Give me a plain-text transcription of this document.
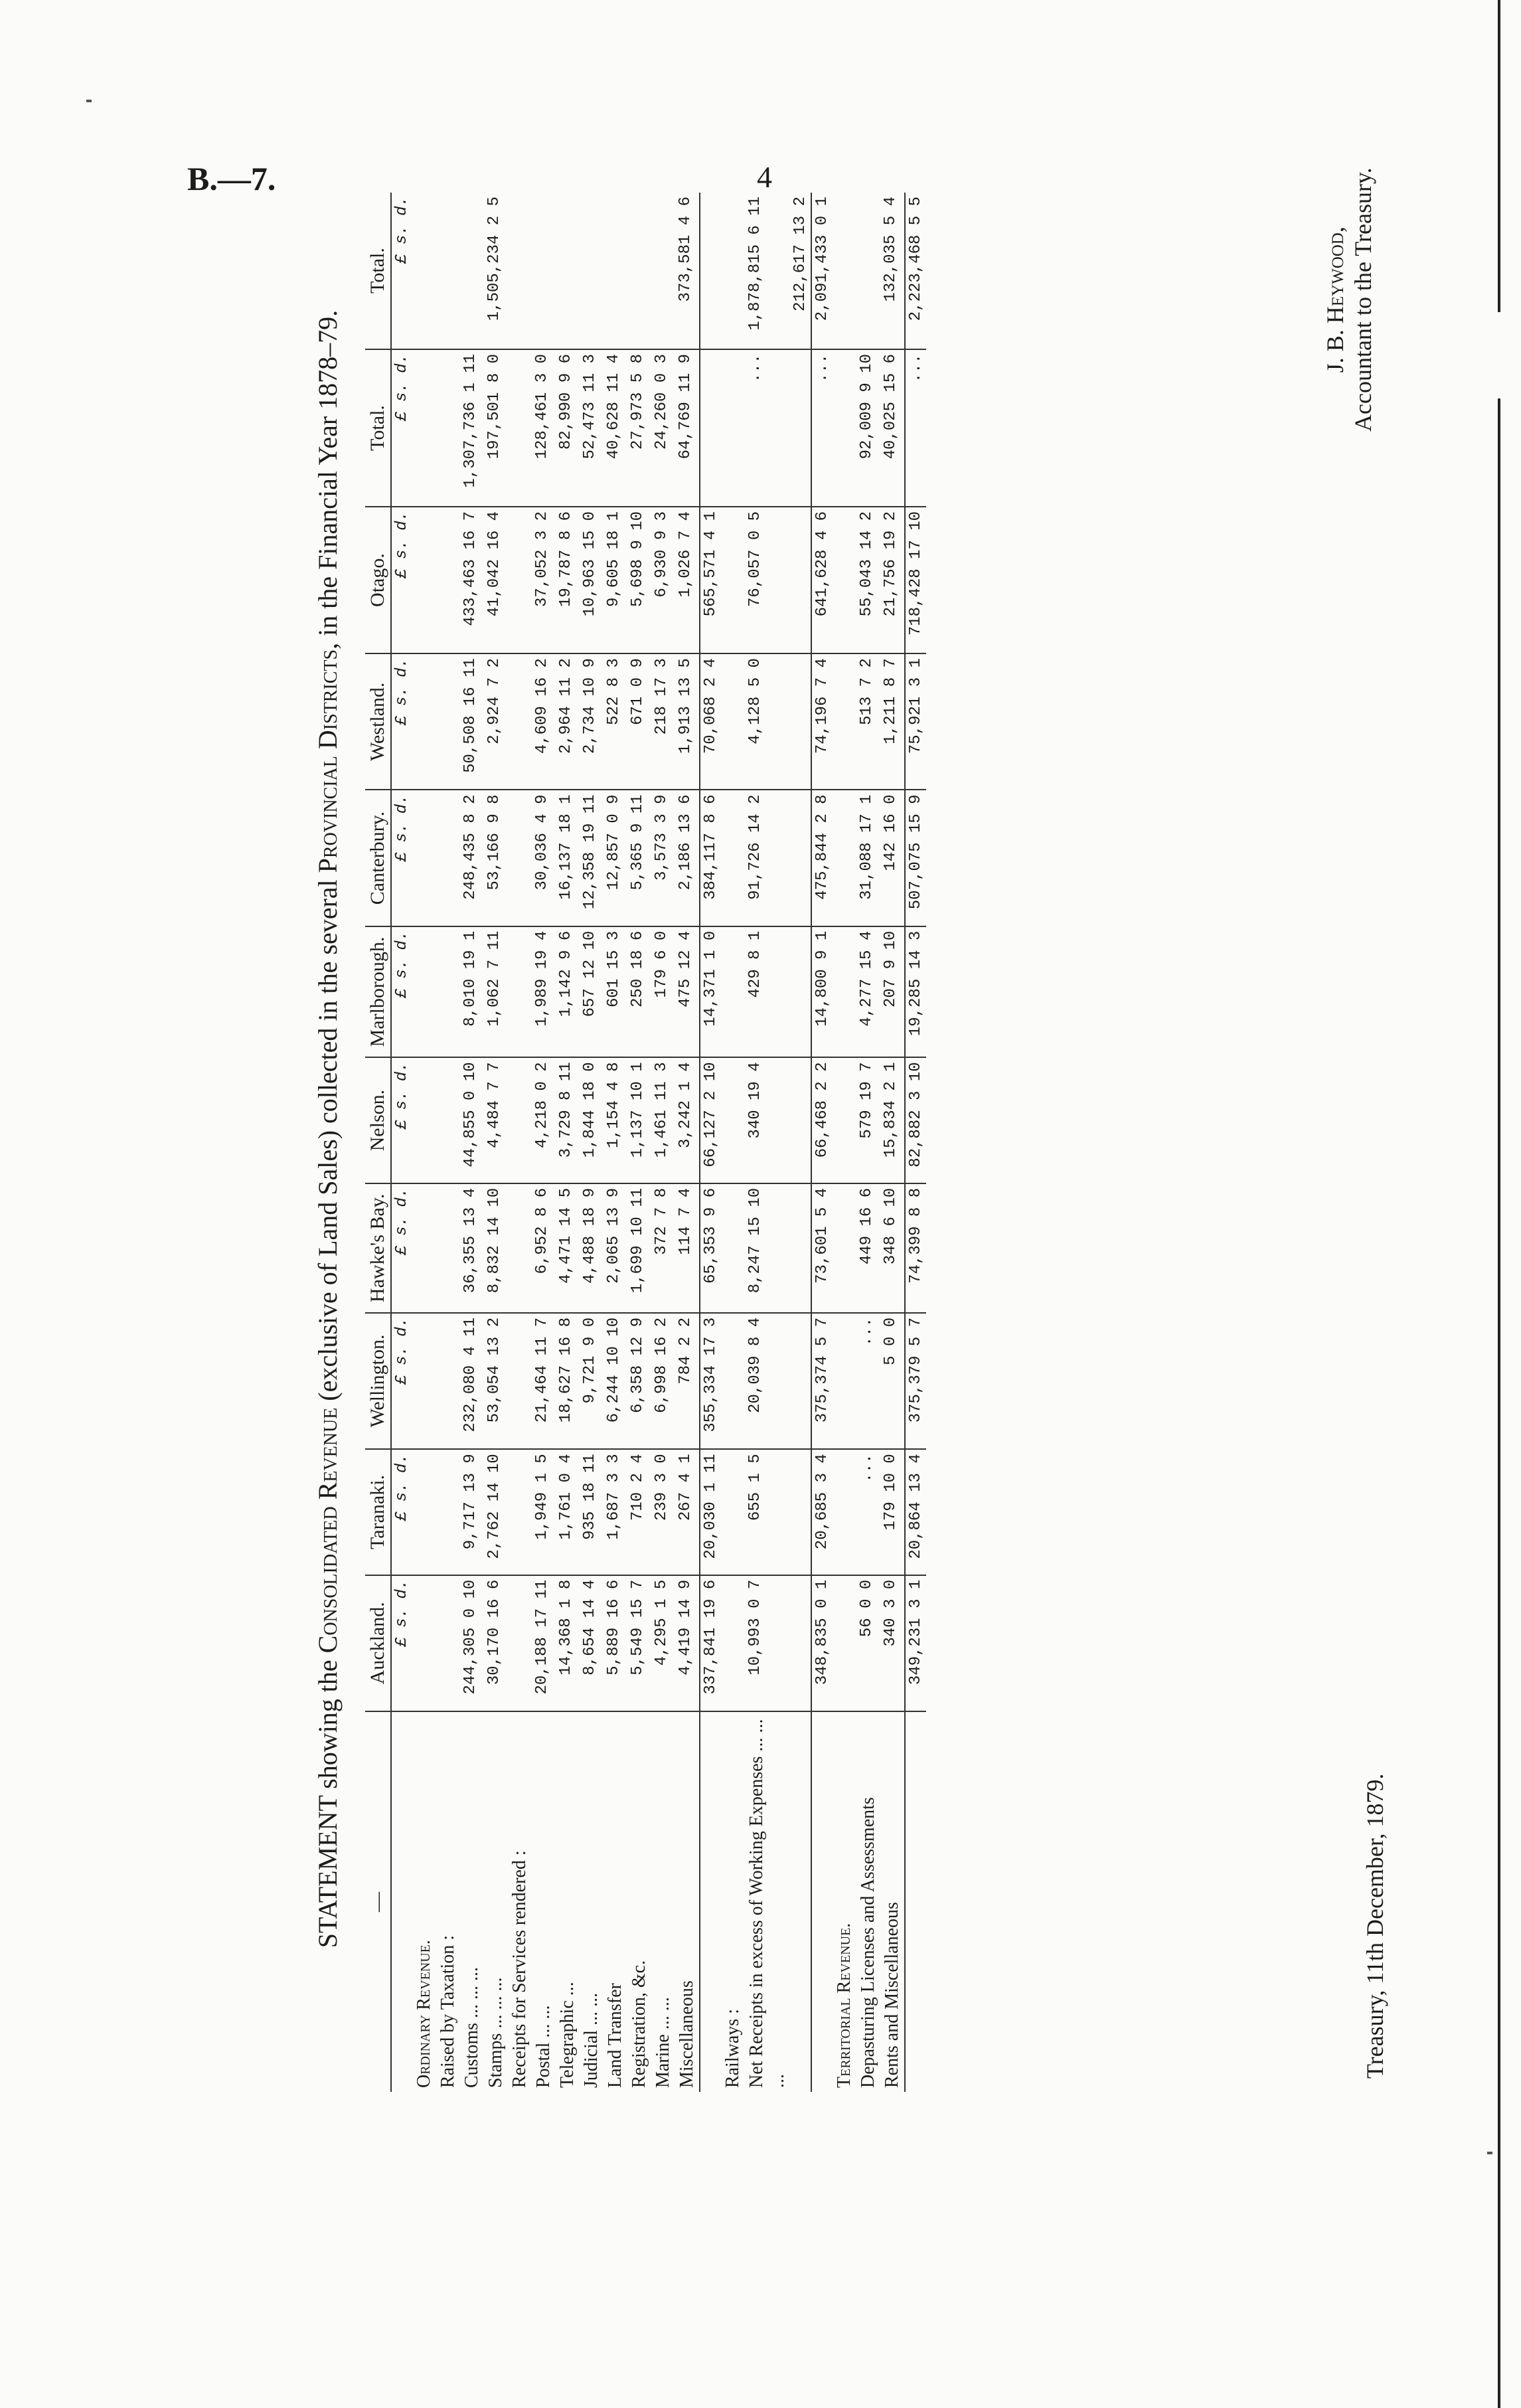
B.—7.	4
STATEMENT showing the Consolidated Revenue (exclusive of Land Sales) collected in the several Provincial Districts, in the Financial Year 1878–79.
—	Auckland.	Taranaki.	Wellington.	Hawke's Bay.	Nelson.	Marlborough.	Canterbury.	Westland.	Otago.	Total.	Total.
	£ s. d.	£ s. d.	£ s. d.	£ s. d.	£ s. d.	£ s. d.	£ s. d.	£ s. d.	£ s. d.	£ s. d.	£ s. d.
Ordinary Revenue.											
Raised by Taxation :											
Customs ... ... ...	244,305 0 10	9,717 13 9	232,080 4 11	36,355 13 4	44,855 0 10	8,010 19 1	248,435 8 2	50,508 16 11	433,463 16 7	1,307,736 1 11	
Stamps ... ... ...	30,170 16 6	2,762 14 10	53,054 13 2	8,832 14 10	4,484 7 7	1,062 7 11	53,166 9 8	2,924 7 2	41,042 16 4	197,501 8 0	1,505,234 2 5
Receipts for Services rendered :											
Postal ... ...	20,188 17 11	1,949 1 5	21,464 11 7	6,952 8 6	4,218 0 2	1,989 19 4	30,036 4 9	4,609 16 2	37,052 3 2	128,461 3 0	
Telegraphic ...	14,368 1 8	1,761 0 4	18,627 16 8	4,471 14 5	3,729 8 11	1,142 9 6	16,137 18 1	2,964 11 2	19,787 8 6	82,990 9 6	
Judicial ... ...	8,654 14 4	935 18 11	9,721 9 0	4,488 18 9	1,844 18 0	657 12 10	12,358 19 11	2,734 10 9	10,963 15 0	52,473 11 3	
Land Transfer	5,889 16 6	1,687 3 3	6,244 10 10	2,065 13 9	1,154 4 8	601 15 3	12,857 0 9	522 8 3	9,605 18 1	40,628 11 4	
Registration, &c.	5,549 15 7	710 2 4	6,358 12 9	1,699 10 11	1,137 10 1	250 18 6	5,365 9 11	671 0 9	5,698 9 10	27,973 5 8	
Marine ... ...	4,295 1 5	239 3 0	6,998 16 2	372 7 8	1,461 11 3	179 6 0	3,573 3 9	218 17 3	6,930 9 3	24,260 0 3	
Miscellaneous	4,419 14 9	267 4 1	784 2 2	114 7 4	3,242 1 4	475 12 4	2,186 13 6	1,913 13 5	1,026 7 4	64,769 11 9	373,581 4 6
	337,841 19 6	20,030 1 11	355,334 17 3	65,353 9 6	66,127 2 10	14,371 1 0	384,117 8 6	70,068 2 4	565,571 4 1		
Railways :											
Net Receipts in excess of Working Expenses ... ... ...	10,993 0 7	655 1 5	20,039 8 4	8,247 15 10	340 19 4	429 8 1	91,726 14 2	4,128 5 0	76,057 0 5	...	1,878,815 6 11
											212,617 13 2
	348,835 0 1	20,685 3 4	375,374 5 7	73,601 5 4	66,468 2 2	14,800 9 1	475,844 2 8	74,196 7 4	641,628 4 6	...	2,091,433 0 1
Territorial Revenue.											
Depasturing Licenses and Assessments	56 0 0	...	...	449 16 6	579 19 7	4,277 15 4	31,088 17 1	513 7 2	55,043 14 2	92,009 9 10	
Rents and Miscellaneous	340 3 0	179 10 0	5 0 0	348 6 10	15,834 2 1	207 9 10	142 16 0	1,211 8 7	21,756 19 2	40,025 15 6	132,035 5 4
	349,231 3 1	20,864 13 4	375,379 5 7	74,399 8 8	82,882 3 10	19,285 14 3	507,075 15 9	75,921 3 1	718,428 17 10	...	2,223,468 5 5
Treasury, 11th December, 1879.
J. B. Heywood, Accountant to the Treasury.
